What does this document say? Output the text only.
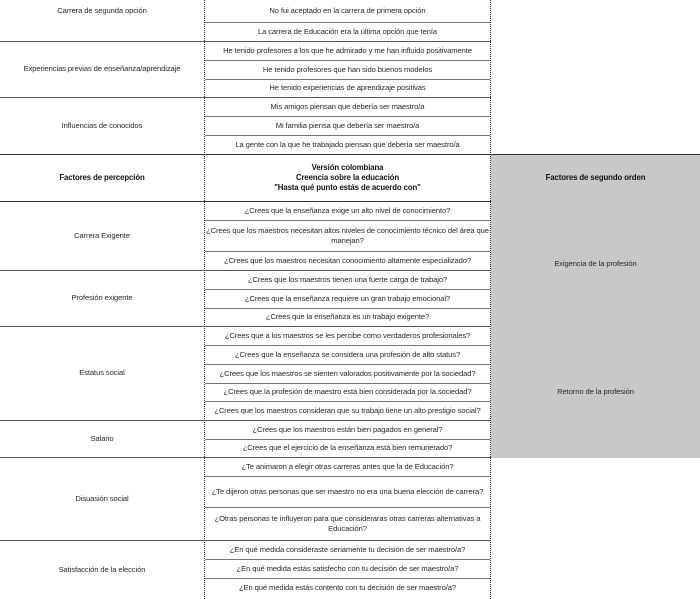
Carrera de segunda opción	No fui aceptado en la carrera de primera opción
La carrera de Educación era la última opción que tenía
Experiencias previas de enseñanza/aprendizaje
He tenido profesores a los que he admirado y me han influido positivamente
He tenido profesores que han sido buenos modelos
He tenido experiencias de aprendizaje positivas
Influencias de conocidos
Mis amigos piensan que debería ser maestro/a
Mi familia piensa que debería ser maestro/a
La gente con la que he trabajado piensan que debería ser maestro/a
Factores de percepción
Versión colombiana
Creencia sobre la educación
"Hasta qué punto estás de acuerdo con"
Factores de segundo orden
Carrera Exigente
¿Crees que la enseñanza exige un alto nivel de conocimiento?
¿Crees que los maestros necesitan altos niveles de conocimiento técnico del área que manejan?
¿Crees que los maestros necesitan conocimiento altamente especializado?
Profesión exigente
¿Crees que los maestros tienen una fuerte carga de trabajo?
¿Crees que la enseñanza requiere un gran trabajo emocional?
¿Crees que la enseñanza es un trabajo exigente?
Estatus social
¿Crees que a los maestros se les percibe como verdaderos profesionales?
¿Crees que la enseñanza se considera una profesión de alto status?
¿Crees que los maestros se sienten valorados positivamente por la sociedad?
¿Crees que la profesión de maestro está bien considerada por la sociedad?
¿Crees que los maestros consideran que su trabajo tiene un alto prestigio social?
Salario
¿Crees que los maestros están bien pagados en general?
¿Crees que el ejercicio de la enseñanza está bien remunerado?
Disuasión social
¿Te animaron a elegir otras carreras antes que la de Educación?
¿Te dijeron otras personas que ser maestro no era una buena elección de carrera?
¿Otras personas te influyeron para que consideraras otras carreras alternativas a Educación?
Satisfacción de la elección
¿En qué medida consideraste seriamente tu decisión de ser maestro/a?
¿En qué medida estás satisfecho con tu decisión de ser maestro/a?
¿En qué medida estás contento con tu decisión de ser maestro/a?
Exigencia de la profesión
Retorno de la profesión
